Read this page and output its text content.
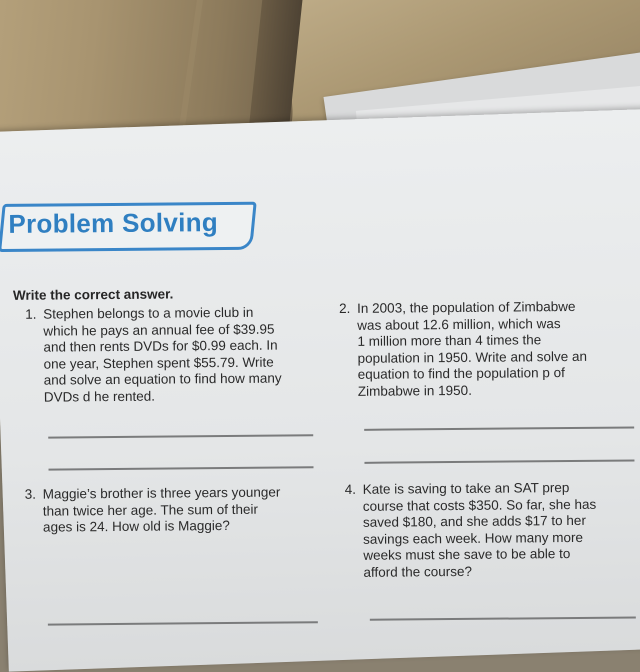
Problem Solving
Write the correct answer.
1. Stephen belongs to a movie club in
which he pays an annual fee of $39.95
and then rents DVDs for $0.99 each. In
one year, Stephen spent $55.79. Write
and solve an equation to find how many
DVDs d he rented.
2. In 2003, the population of Zimbabwe
was about 12.6 million, which was
1 million more than 4 times the
population in 1950. Write and solve an
equation to find the population p of
Zimbabwe in 1950.
3. Maggie’s brother is three years younger
than twice her age. The sum of their
ages is 24. How old is Maggie?
4. Kate is saving to take an SAT prep
course that costs $350. So far, she has
saved $180, and she adds $17 to her
savings each week. How many more
weeks must she save to be able to
afford the course?
